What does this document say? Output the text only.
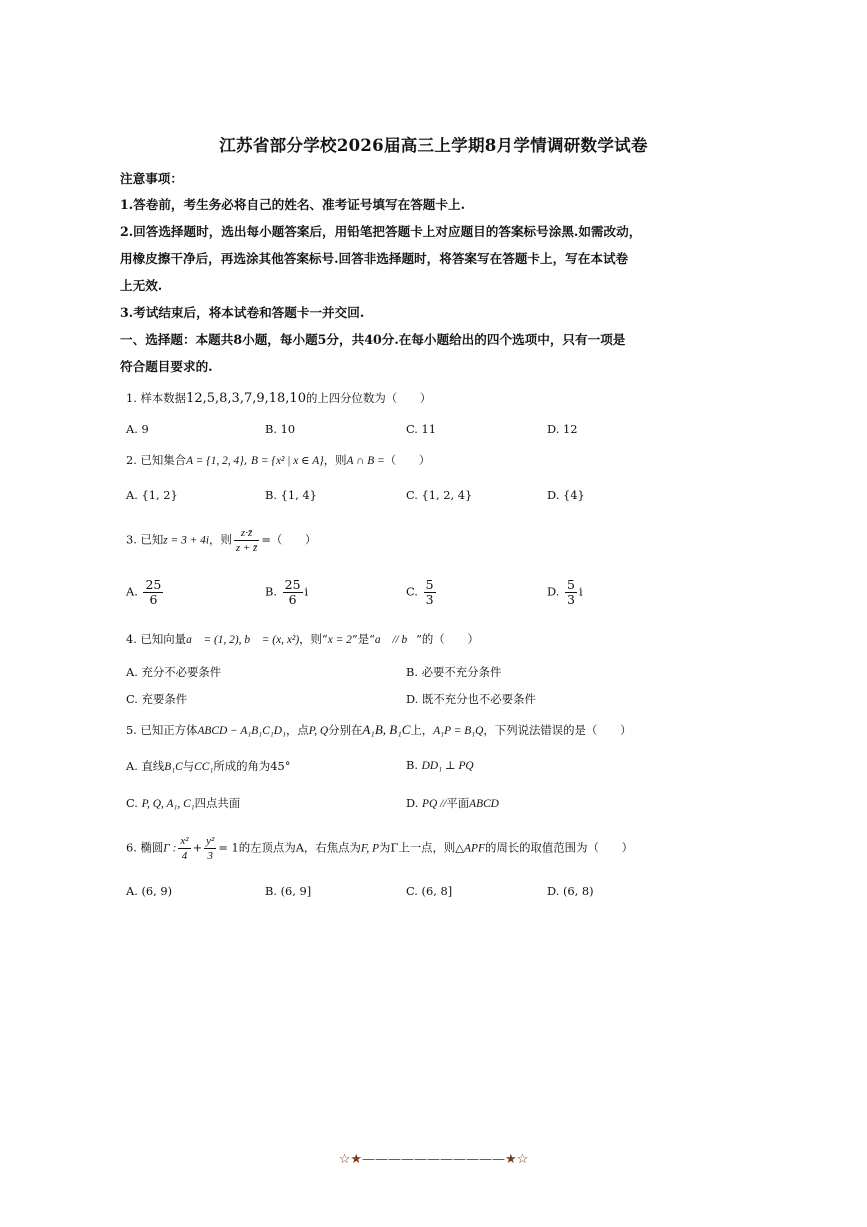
江苏省部分学校2026届高三上学期8月学情调研数学试卷
注意事项：
1.答卷前，考生务必将自己的姓名、准考证号填写在答题卡上.
2.回答选择题时，选出每小题答案后，用铅笔把答题卡上对应题目的答案标号涂黑.如需改动，
用橡皮擦干净后，再选涂其他答案标号.回答非选择题时，将答案写在答题卡上，写在本试卷
上无效.
3.考试结束后，将本试卷和答题卡一并交回.
一、选择题：本题共8小题，每小题5分，共40分.在每小题给出的四个选项中，只有一项是
符合题目要求的.
1. 样本数据12,5,8,3,7,9,18,10的上四分位数为（　　）
A. 9	B. 10	C. 11	D. 12
2. 已知集合A = {1, 2, 4}, B = {x² | x ∈ A}，则A ∩ B =（　　）
A. {1, 2}	B. {1, 4}	C. {1, 2, 4}	D. {4}
3. 已知z = 3 + 4i，则 $\frac{z\cdot z̄}{z + z̄}$ =（　　）
A. $\frac{25}{6}$	B. $\frac{25}{6}$ i	C. $\frac{5}{3}$	D. $\frac{5}{3}$ i
4. 已知向量a⃗ = (1, 2), b⃗ = (x, x²)，则“x = 2”是“a⃗ // b⃗”的（　　）
A. 充分不必要条件	B. 必要不充分条件
C. 充要条件	D. 既不充分也不必要条件
5. 已知正方体ABCD − A₁B₁C₁D₁，点P, Q分别在A₁B, B₁C上，A₁P = B₁Q，下列说法错误的是（　　）
A. 直线B₁C与CC₁所成的角为45°	B. DD₁ ⊥ PQ
C. P, Q, A₁, C₁四点共面	D. PQ //平面ABCD
6. 椭圆Γ : $\frac{\text{x²}}{4} + \frac{\text{y²}}{3} = 1$的左顶点为A，右焦点为F, P为Γ上一点，则△APF的周长的取值范围为（　　）
A. (6, 9)	B. (6, 9]	C. (6, 8]	D. (6, 8)
☆★———————————★☆
